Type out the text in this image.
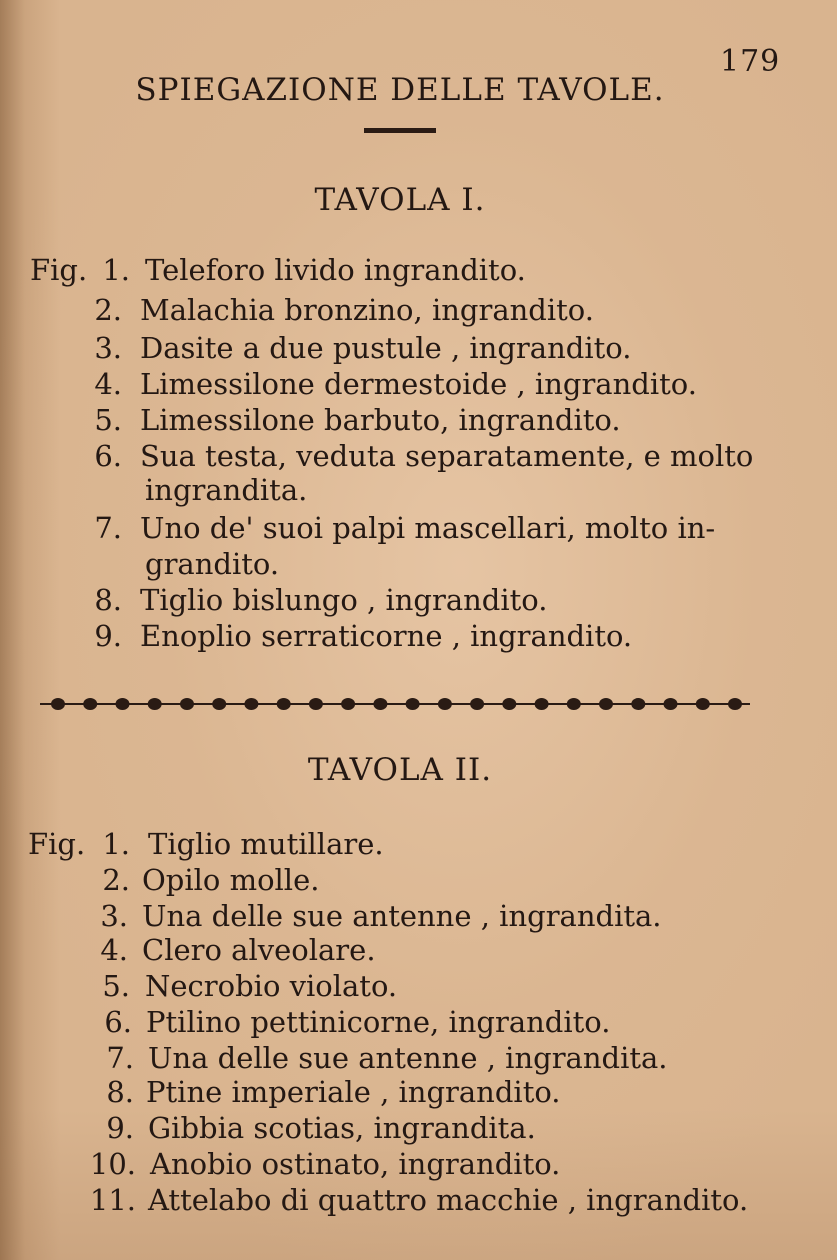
179
SPIEGAZIONE DELLE TAVOLE.
TAVOLA I.
Fig. 1. Teleforo livido ingrandito.
2. Malachia bronzino, ingrandito.
3. Dasite a due pustule , ingrandito.
4. Limessilone dermestoide , ingrandito.
5. Limessilone barbuto, ingrandito.
6. Sua testa, veduta separatamente, e molto
ingrandita.
7. Uno de' suoi palpi mascellari, molto in-
grandito.
8. Tiglio bislungo , ingrandito.
9. Enoplio serraticorne , ingrandito.
TAVOLA II.
Fig. 1. Tiglio mutillare.
2. Opilo molle.
3. Una delle sue antenne , ingrandita.
4. Clero alveolare.
5. Necrobio violato.
6. Ptilino pettinicorne, ingrandito.
7. Una delle sue antenne , ingrandita.
8. Ptine imperiale , ingrandito.
9. Gibbia scotias, ingrandita.
10. Anobio ostinato, ingrandito.
11. Attelabo di quattro macchie , ingrandito.
